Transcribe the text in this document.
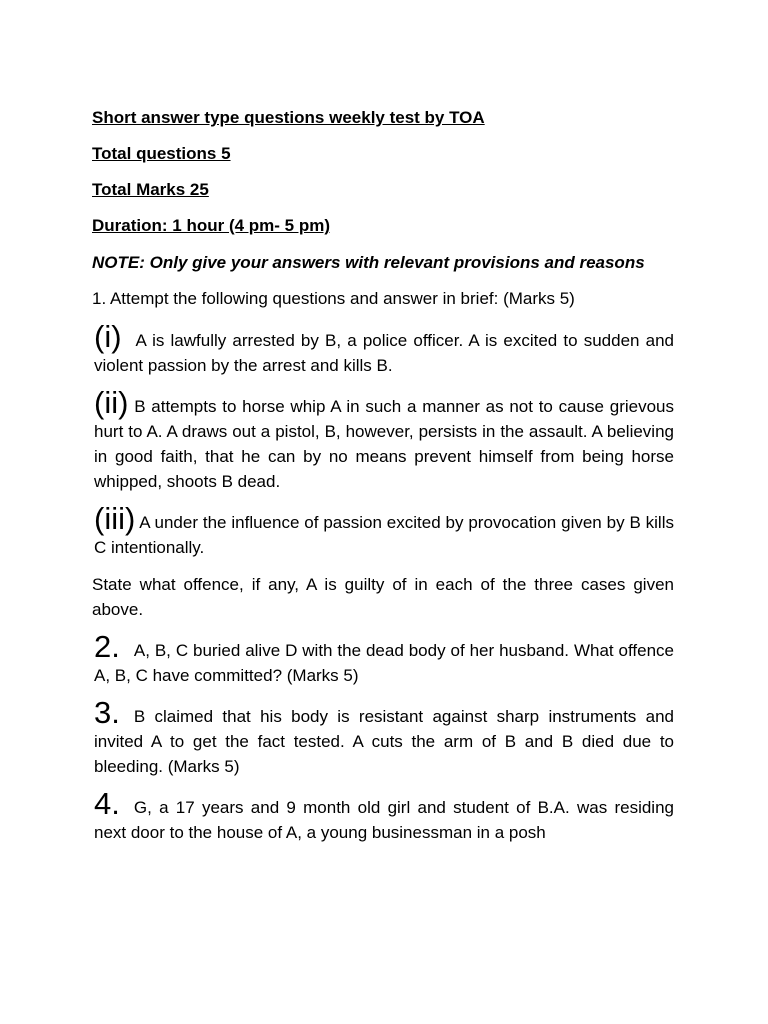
Short answer type questions weekly test by TOA

Total questions 5

Total Marks 25

Duration: 1 hour (4 pm- 5 pm)

NOTE: Only give your answers with relevant provisions and reasons

1. Attempt the following questions and answer in brief: (Marks 5)

(i) A is lawfully arrested by B, a police officer. A is excited to sudden and violent passion by the arrest and kills B.

(ii) B attempts to horse whip A in such a manner as not to cause grievous hurt to A. A draws out a pistol, B, however, persists in the assault. A believing in good faith, that he can by no means prevent himself from being horse whipped, shoots B dead.

(iii) A under the influence of passion excited by provocation given by B kills C intentionally.

State what offence, if any, A is guilty of in each of the three cases given above.

2. A, B, C buried alive D with the dead body of her husband. What offence A, B, C have committed? (Marks 5)

3. B claimed that his body is resistant against sharp instruments and invited A to get the fact tested. A cuts the arm of B and B died due to bleeding. (Marks 5)

4. G, a 17 years and 9 month old girl and student of B.A. was residing next door to the house of A, a young businessman in a posh
